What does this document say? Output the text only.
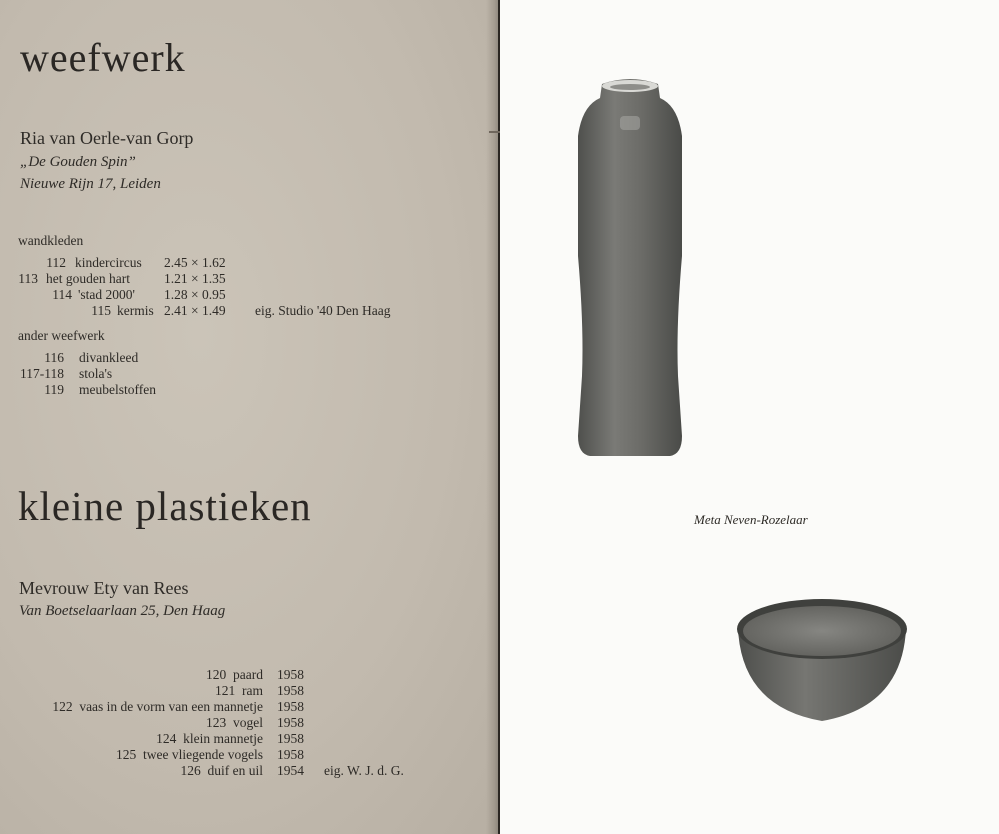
weefwerk

Ria van Oerle-van Gorp

„De Gouden Spin”

Nieuwe Rijn 17, Leiden

wandkleden

112 kindercircus 2.45 × 1.62
113 het gouden hart	1.21 × 1.35
114 'stad 2000' 1.28 × 0.95
115 kermis 2.41 × 1.49 eig. Studio '40 Den Haag

ander weefwerk

116 divankleed
117-118 stola's
119 meubelstoffen
kleine plastieken

Mevrouw Ety van Rees

Van Boetselaarlaan 25, Den Haag

120 paard 1958
121 ram 1958
122 vaas in de vorm van een mannetje 1958
123 vogel 1958
124 klein mannetje 1958
125 twee vliegende vogels 1958
126 duif en uil 1954 eig. W. J. d. G.

Meta Neven-Rozelaar
